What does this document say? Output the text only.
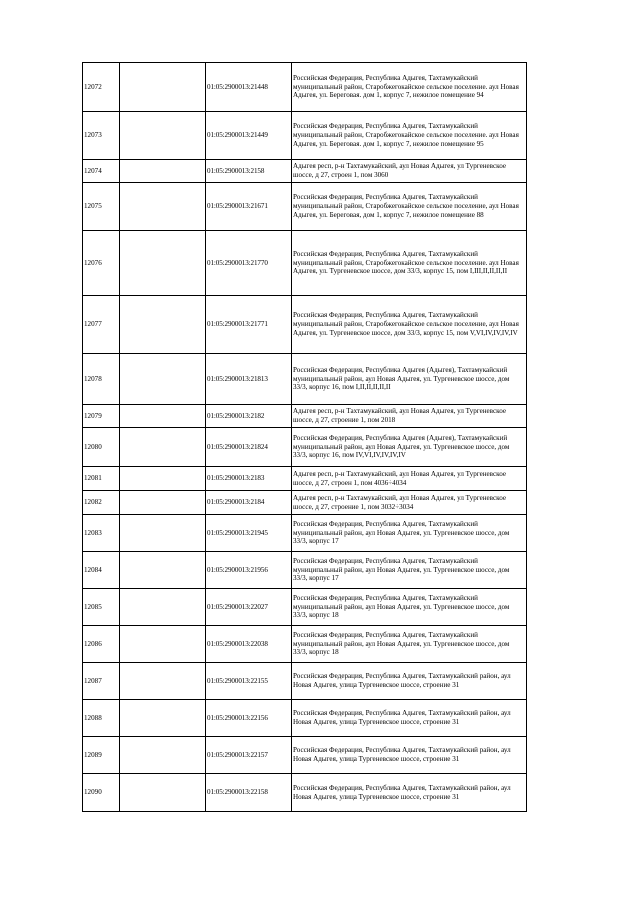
12072		01:05:2900013:21448	Российская Федерация, Республика Адыгея, Тахтамукайский муниципальный район, Старобжегокайское сельское поселение. аул Новая Адыгея, ул. Береговая. дом 1, корпус 7, нежилое помещение 94

12073		01:05:2900013:21449	Российская Федерация, Республика Адыгея, Тахтамукайский муниципальный район, Старобжегокайское сельское поселение. аул Новая Адыгея, ул. Береговая. дом 1, корпус 7, нежилое помещение 95

12074		01:05:2900013:2158	Адыгея респ, р-н Тахтамукайский, аул Новая Адыгея, ул Тургеневское шоссе, д 27, строен 1, пом 3060

12075		01:05:2900013:21671	Российская Федерация, Республика Адыгея, Тахтамукайский муниципальный район, Старобжегокайское сельское поселение, аул Новая Адыгея, ул. Береговая, дом 1, корпус 7, нежилое помещение 88

12076		01:05:2900013:21770	Российская Федерация, Республика Адыгея, Тахтамукайский муниципальный район, Старобжегокайское сельское поселение. аул Новая Адыгея, ул. Тургеневское шоссе, дом 33/3, корпус 15, пом I,III,II,II,II,II

12077		01:05:2900013:21771	Российская Федерация, Республика Адыгея, Тахтамукайский муниципальный район, Старобжегокайское сельское поселение, аул Новая Адыгея, ул. Тургеневское шоссе, дом 33/3, корпус 15, пом V,VI,IV,IV,IV,IV

12078		01:05:2900013:21813	Российская Федерация, Республика Адыгея (Адыгея), Тахтамукайский муниципальный район, аул Новая Адыгея, ул. Тургеневское шоссе, дом 33/3, корпус 16, пом I,II,II,II,II,II

12079		01:05:2900013:2182	Адыгея респ, р-н Тахтамукайский, аул Новая Адыгея, ул Тургеневское шоссе, д 27, строение 1, пом 2018

12080		01:05:2900013:21824	Российская Федерация, Республика Адыгея (Адыгея), Тахтамукайский муниципальный район, аул Новая Адыгея, ул. Тургеневское шоссе, дом 33/3, корпус 16, пом IV,VI,IV,IV,IV,IV

12081		01:05:2900013:2183	Адыгея респ, р-н Тахтамукайский, аул Новая Адыгея, ул Тургеневское шоссе, д 27, строен 1, пом 4036÷4034

12082		01:05:2900013:2184	Адыгея респ, р-н Тахтамукайский, аул Новая Адыгея, ул Тургеневское шоссе, д 27, строение 1, пом 3032÷3034

12083		01:05:2900013:21945	Российская Федерация, Республика Адыгея, Тахтамукайский муниципальный район, аул Новая Адыгея, ул. Тургеневское шоссе, дом 33/3, корпус 17

12084		01:05:2900013:21956	Российская Федерация, Республика Адыгея, Тахтамукайский муниципальный район, аул Новая Адыгея, ул. Тургеневское шоссе, дом 33/3, корпус 17

12085		01:05:2900013:22027	Российская Федерация, Республика Адыгея, Тахтамукайский муниципальный район, аул Новая Адыгея, ул. Тургеневское шоссе, дом 33/3, корпус 18

12086		01:05:2900013:22038	Российская Федерация, Республика Адыгея, Тахтамукайский муниципальный район, аул Новая Адыгея, ул. Тургеневское шоссе, дом 33/3, корпус 18

12087		01:05:2900013:22155	Российская Федерация, Республика Адыгея, Тахтамукайский район, аул Новая Адыгея, улица Тургеневское шоссе, строение 31

12088		01:05:2900013:22156	Российская Федерация, Республика Адыгея, Тахтамукайский район, аул Новая Адыгея, улица Тургеневское шоссе, строение 31

12089		01:05:2900013:22157	Российская Федерация, Республика Адыгея, Тахтамукайский район, аул Новая Адыгея, улица Тургеневское шоссе, строение 31

12090		01:05:2900013:22158	Российская Федерация, Республика Адыгея, Тахтамукайский район, аул Новая Адыгея, улица Тургеневское шоссе, строение 31
